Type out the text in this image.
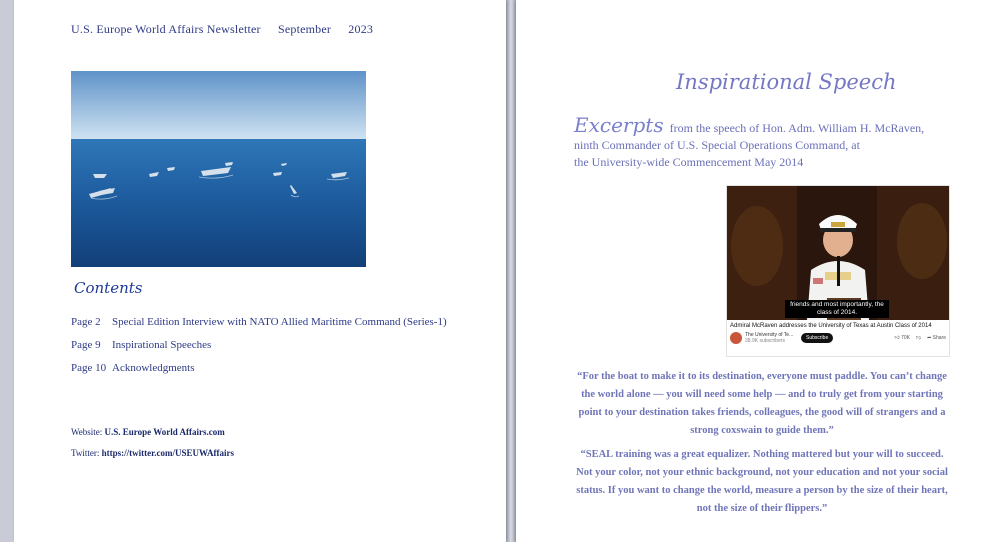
U.S. Europe World Affairs Newsletter September 2023
Contents
Page 2 Special Edition Interview with NATO Allied Maritime Command (Series-1)
Page 9 Inspirational Speeches
Page 10 Acknowledgments
Website: U.S. Europe World Affairs.com
Twitter: https://twitter.com/USEUWAffairs
Inspirational Speech
Excerpts from the speech of Hon. Adm. William H. McRaven,
ninth Commander of U.S. Special Operations Command, at
the University-wide Commencement May 2014
friends and most importantly, the class of 2014.
Admiral McRaven addresses the University of Texas at Austin Class of 2014
The University of Te...
38.9K subscribers	Subscribe	👍︎ 70K 👎︎ ➦ Share
“For the boat to make it to its destination, everyone must paddle. You can’t change the world alone — you will need some help — and to truly get from your starting point to your destination takes friends, colleagues, the good will of strangers and a strong coxswain to guide them.”
“SEAL training was a great equalizer. Nothing mattered but your will to succeed. Not your color, not your ethnic background, not your education and not your social status. If you want to change the world, measure a person by the size of their heart, not the size of their flippers.”
